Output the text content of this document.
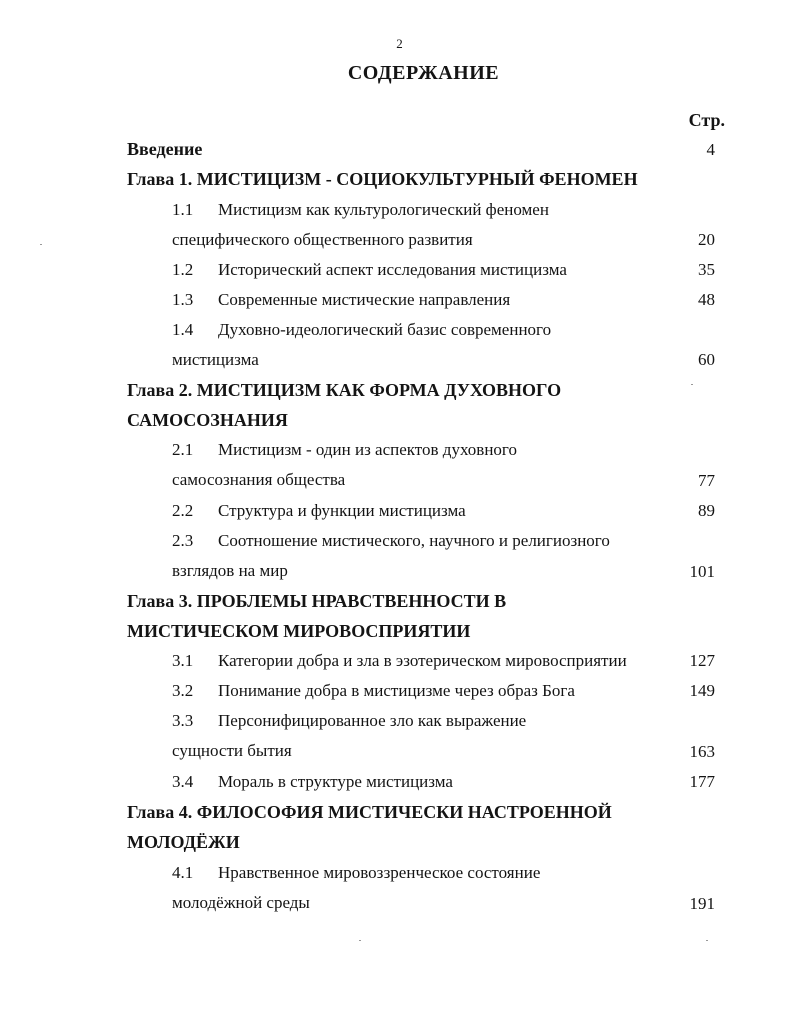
2
СОДЕРЖАНИЕ
Стр.
Введение	4
Глава 1. МИСТИЦИЗМ - СОЦИОКУЛЬТУРНЫЙ ФЕНОМЕН
1.1 Мистицизм как культурологический феномен
специфического общественного развития	20
1.2 Исторический аспект исследования мистицизма	35
1.3 Современные мистические направления	48
1.4 Духовно-идеологический базис современного
мистицизма	60
Глава 2. МИСТИЦИЗМ КАК ФОРМА ДУХОВНОГО
САМОСОЗНАНИЯ
2.1 Мистицизм - один из аспектов духовного
самосознания общества	77
2.2 Структура и функции мистицизма	89
2.3 Соотношение мистического, научного и религиозного
взглядов на мир	101
Глава 3. ПРОБЛЕМЫ НРАВСТВЕННОСТИ В
МИСТИЧЕСКОМ МИРОВОСПРИЯТИИ
3.1 Категории добра и зла в эзотерическом мировосприятии	127
3.2 Понимание добра в мистицизме через образ Бога	149
3.3 Персонифицированное зло как выражение
сущности бытия	163
3.4 Мораль в структуре мистицизма	177
Глава 4. ФИЛОСОФИЯ МИСТИЧЕСКИ НАСТРОЕННОЙ
МОЛОДЁЖИ
4.1 Нравственное мировоззренческое состояние
молодёжной среды	191
